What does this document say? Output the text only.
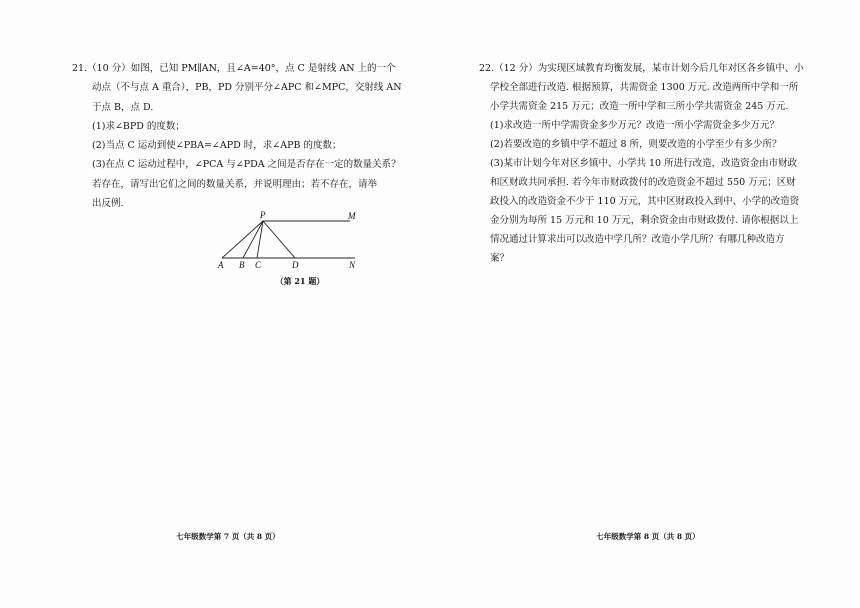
21.（10 分）如图，已知 PM∥AN，且∠A=40°，点 C 是射线 AN 上的一个
动点（不与点 A 重合），PB，PD 分别平分∠APC 和∠MPC，交射线 AN
于点 B，点 D.
(1)求∠BPD 的度数；
(2)当点 C 运动到使∠PBA=∠APD 时，求∠APB 的度数；
(3)在点 C 运动过程中，∠PCA 与∠PDA 之间是否存在一定的数量关系？
若存在，请写出它们之间的数量关系，并说明理由；若不存在，请举
出反例.
P	M
A B C	D	N
（第 21 题）
七年级数学第 7 页（共 8 页）
22.（12 分）为实现区域教育均衡发展，某市计划今后几年对区各乡镇中、小
学校全部进行改造. 根据预算，共需资金 1300 万元. 改造两所中学和一所
小学共需资金 215 万元；改造一所中学和三所小学共需资金 245 万元.
(1)求改造一所中学需资金多少万元？改造一所小学需资金多少万元？
(2)若要改造的乡镇中学不超过 8 所，则要改造的小学至少有多少所？
(3)某市计划今年对区乡镇中、小学共 10 所进行改造，改造资金由市财政
和区财政共同承担. 若今年市财政拨付的改造资金不超过 550 万元；区财
政投入的改造资金不少于 110 万元，其中区财政投入到中、小学的改造资
金分别为每所 15 万元和 10 万元，剩余资金由市财政拨付. 请你根据以上
情况通过计算求出可以改造中学几所？改造小学几所？有哪几种改造方
案？
七年级数学第 8 页（共 8 页）
